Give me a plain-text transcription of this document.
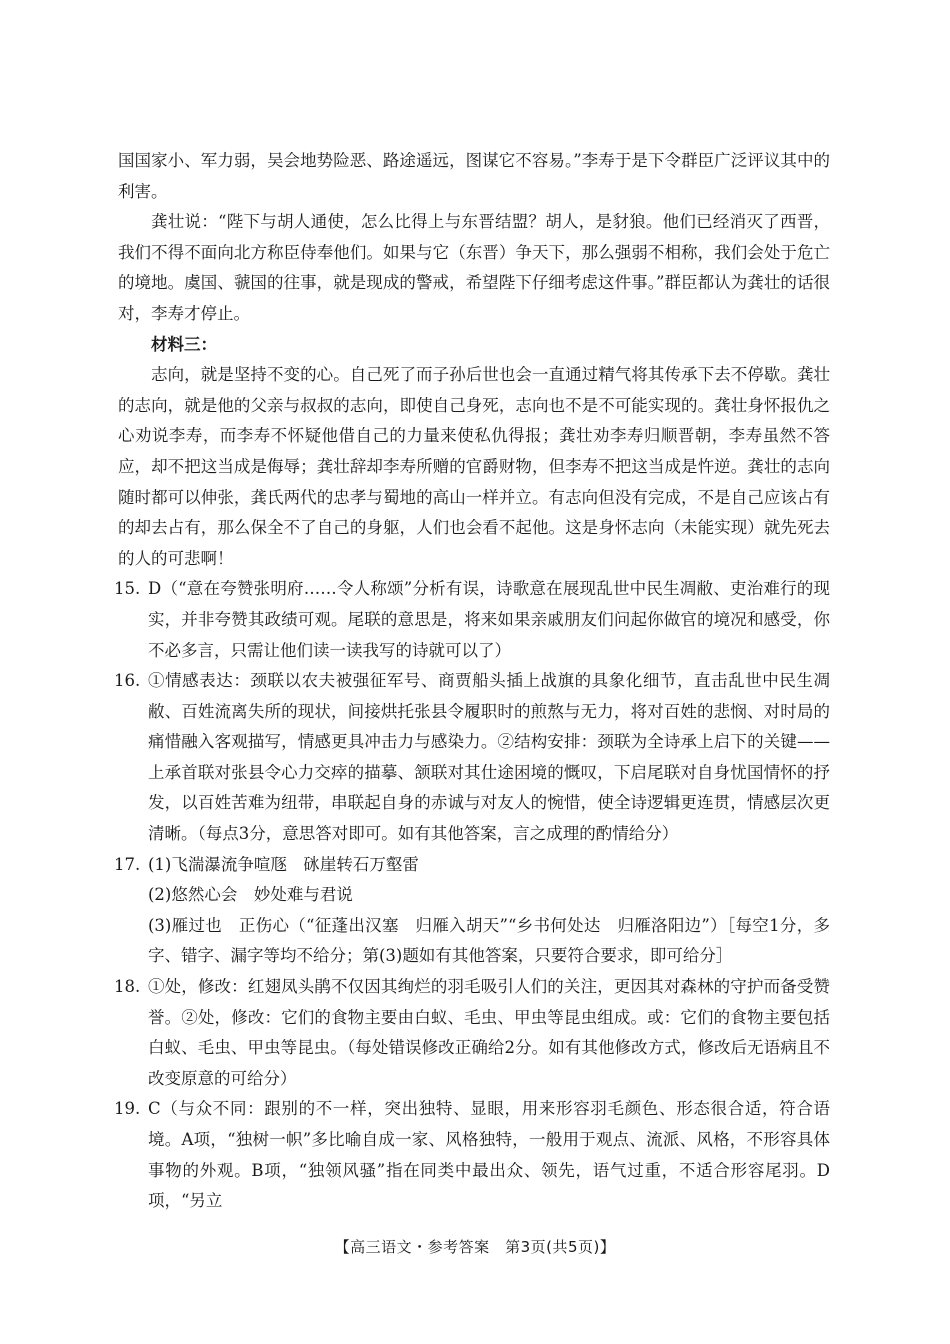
国国家小、军力弱，吴会地势险恶、路途遥远，图谋它不容易。”李寿于是下令群臣广泛评议其中的利害。

龚壮说：“陛下与胡人通使，怎么比得上与东晋结盟？胡人，是豺狼。他们已经消灭了西晋，我们不得不面向北方称臣侍奉他们。如果与它（东晋）争天下，那么强弱不相称，我们会处于危亡的境地。虞国、虢国的往事，就是现成的警戒，希望陛下仔细考虑这件事。”群臣都认为龚壮的话很对，李寿才停止。

材料三：

志向，就是坚持不变的心。自己死了而子孙后世也会一直通过精气将其传承下去不停歇。龚壮的志向，就是他的父亲与叔叔的志向，即使自己身死，志向也不是不可能实现的。龚壮身怀报仇之心劝说李寿，而李寿不怀疑他借自己的力量来使私仇得报；龚壮劝李寿归顺晋朝，李寿虽然不答应，却不把这当成是侮辱；龚壮辞却李寿所赠的官爵财物，但李寿不把这当成是忤逆。龚壮的志向随时都可以伸张，龚氏两代的忠孝与蜀地的高山一样并立。有志向但没有完成，不是自己应该占有的却去占有，那么保全不了自己的身躯，人们也会看不起他。这是身怀志向（未能实现）就先死去的人的可悲啊！

15. D（“意在夸赞张明府……令人称颂”分析有误，诗歌意在展现乱世中民生凋敝、吏治难行的现实，并非夸赞其政绩可观。尾联的意思是，将来如果亲戚朋友们问起你做官的境况和感受，你不必多言，只需让他们读一读我写的诗就可以了）

16. ①情感表达：颈联以农夫被强征军号、商贾船头插上战旗的具象化细节，直击乱世中民生凋敝、百姓流离失所的现状，间接烘托张县令履职时的煎熬与无力，将对百姓的悲悯、对时局的痛惜融入客观描写，情感更具冲击力与感染力。②结构安排：颈联为全诗承上启下的关键——上承首联对张县令心力交瘁的描摹、颔联对其仕途困境的慨叹，下启尾联对自身忧国情怀的抒发，以百姓苦难为纽带，串联起自身的赤诚与对友人的惋惜，使全诗逻辑更连贯，情感层次更清晰。（每点3分，意思答对即可。如有其他答案，言之成理的酌情给分）

17. (1)飞湍瀑流争喧豗　砯崖转石万壑雷

(2)悠然心会　妙处难与君说

(3)雁过也　正伤心（“征蓬出汉塞　归雁入胡天”“乡书何处达　归雁洛阳边”）［每空1分，多字、错字、漏字等均不给分；第(3)题如有其他答案，只要符合要求，即可给分］

18. ①处，修改：红翅凤头鹃不仅因其绚烂的羽毛吸引人们的关注，更因其对森林的守护而备受赞誉。②处，修改：它们的食物主要由白蚁、毛虫、甲虫等昆虫组成。或：它们的食物主要包括白蚁、毛虫、甲虫等昆虫。（每处错误修改正确给2分。如有其他修改方式，修改后无语病且不改变原意的可给分）

19. C（与众不同：跟别的不一样，突出独特、显眼，用来形容羽毛颜色、形态很合适，符合语境。A项，“独树一帜”多比喻自成一家、风格独特，一般用于观点、流派、风格，不形容具体事物的外观。B项，“独领风骚”指在同类中最出众、领先，语气过重，不适合形容尾羽。D项，“另立

【高三语文・参考答案　第3页(共5页)】
